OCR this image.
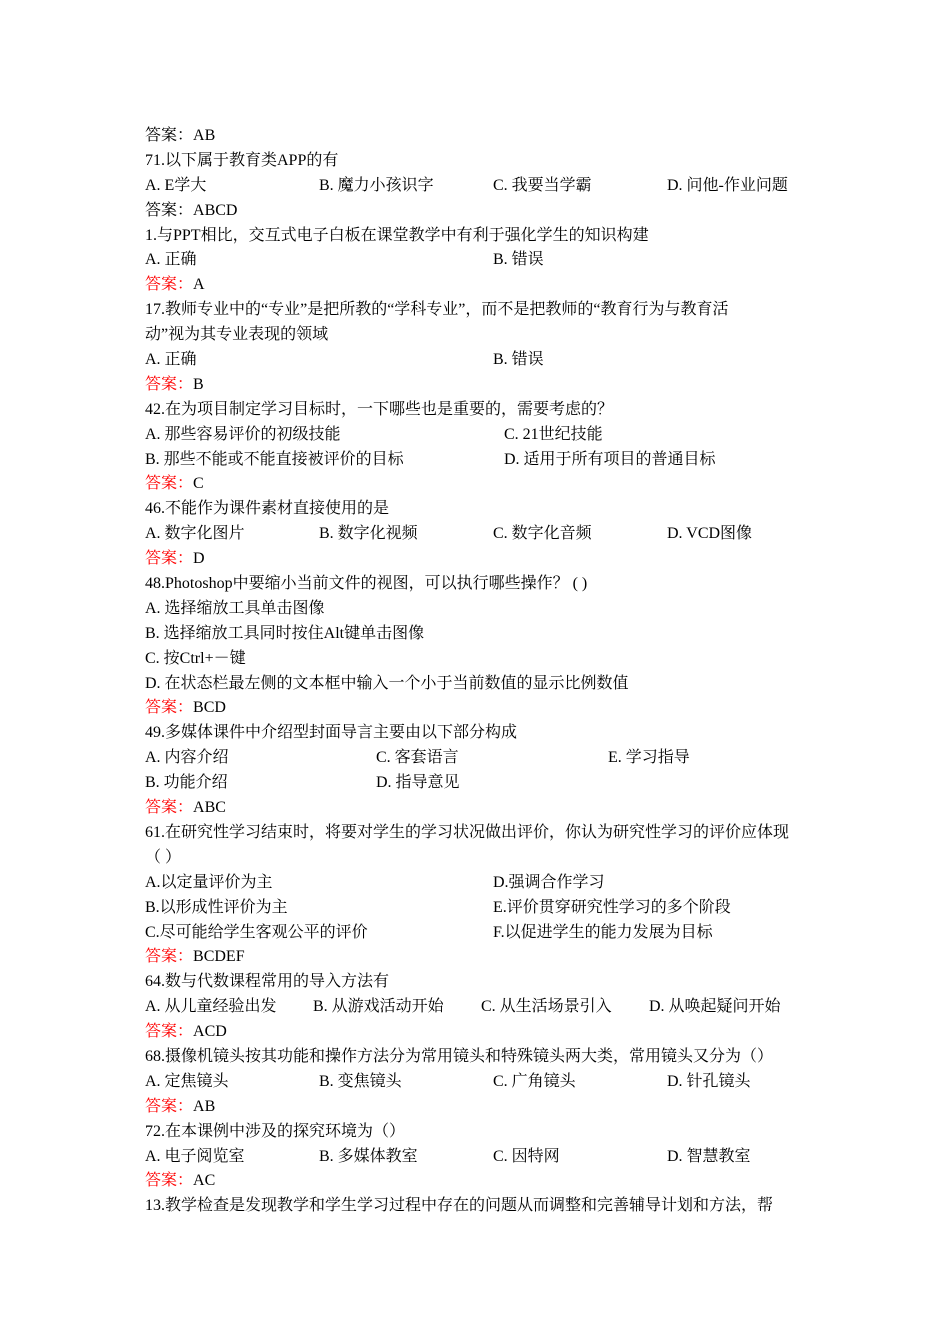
答案：AB
71.以下属于教育类APP的有
A. E学大	B. 魔力小孩识字	C. 我要当学霸	D. 问他-作业问题
答案：ABCD
1.与PPT相比，交互式电子白板在课堂教学中有利于强化学生的知识构建
A. 正确	B. 错误
答案：A
17.教师专业中的“专业”是把所教的“学科专业”，而不是把教师的“教育行为与教育活
动”视为其专业表现的领域
A. 正确	B. 错误
答案：B
42.在为项目制定学习目标时，一下哪些也是重要的，需要考虑的？
A. 那些容易评价的初级技能	C. 21世纪技能
B. 那些不能或不能直接被评价的目标	D. 适用于所有项目的普通目标
答案：C
46.不能作为课件素材直接使用的是
A. 数字化图片	B. 数字化视频	C. 数字化音频	D. VCD图像
答案：D
48.Photoshop中要缩小当前文件的视图，可以执行哪些操作？ ( )
A. 选择缩放工具单击图像
B. 选择缩放工具同时按住Alt键单击图像
C. 按Ctrl+－键
D. 在状态栏最左侧的文本框中输入一个小于当前数值的显示比例数值
答案：BCD
49.多媒体课件中介绍型封面导言主要由以下部分构成
A. 内容介绍	C. 客套语言	E. 学习指导
B. 功能介绍	D. 指导意见
答案：ABC
61.在研究性学习结束时，将要对学生的学习状况做出评价，你认为研究性学习的评价应体现
（ ）
A.以定量评价为主	D.强调合作学习
B.以形成性评价为主	E.评价贯穿研究性学习的多个阶段
C.尽可能给学生客观公平的评价	F.以促进学生的能力发展为目标
答案：BCDEF
64.数与代数课程常用的导入方法有
A. 从儿童经验出发 B. 从游戏活动开始 C. 从生活场景引入 D. 从唤起疑问开始
答案：ACD
68.摄像机镜头按其功能和操作方法分为常用镜头和特殊镜头两大类，常用镜头又分为（）
A. 定焦镜头	B. 变焦镜头	C. 广角镜头	D. 针孔镜头
答案：AB
72.在本课例中涉及的探究环境为（）
A. 电子阅览室	B. 多媒体教室	C. 因特网	D. 智慧教室
答案：AC
13.教学检查是发现教学和学生学习过程中存在的问题从而调整和完善辅导计划和方法，帮
